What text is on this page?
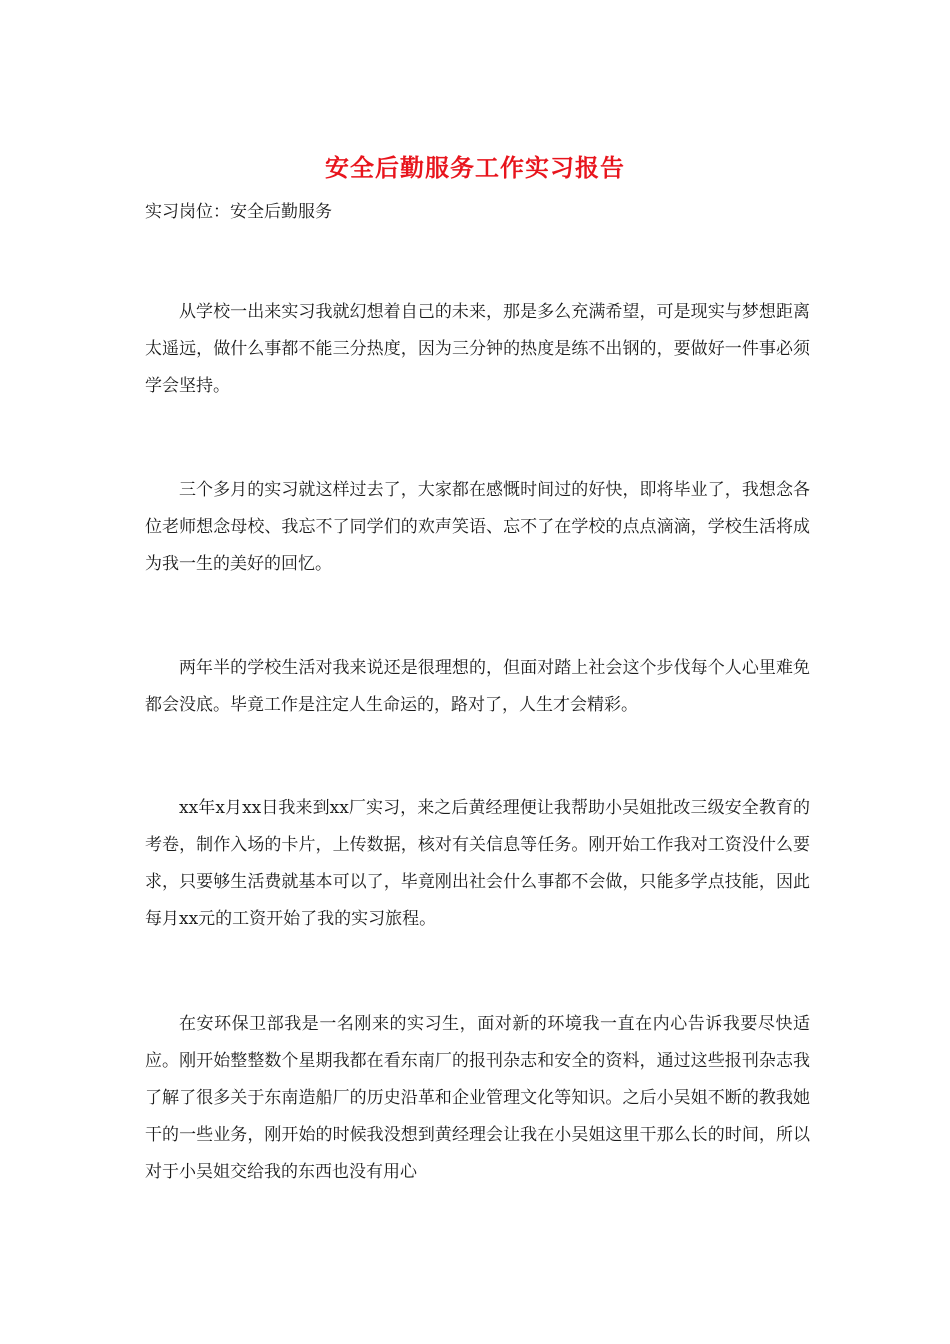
安全后勤服务工作实习报告
实习岗位：安全后勤服务

从学校一出来实习我就幻想着自己的未来，那是多么充满希望，可是现实与梦想距离太遥远，做什么事都不能三分热度，因为三分钟的热度是练不出钢的，要做好一件事必须学会坚持。

三个多月的实习就这样过去了，大家都在感慨时间过的好快，即将毕业了，我想念各位老师想念母校、我忘不了同学们的欢声笑语、忘不了在学校的点点滴滴，学校生活将成为我一生的美好的回忆。

两年半的学校生活对我来说还是很理想的，但面对踏上社会这个步伐每个人心里难免都会没底。毕竟工作是注定人生命运的，路对了，人生才会精彩。

xx年x月xx日我来到xx厂实习，来之后黄经理便让我帮助小吴姐批改三级安全教育的考卷，制作入场的卡片，上传数据，核对有关信息等任务。刚开始工作我对工资没什么要求，只要够生活费就基本可以了，毕竟刚出社会什么事都不会做，只能多学点技能，因此每月xx元的工资开始了我的实习旅程。

在安环保卫部我是一名刚来的实习生，面对新的环境我一直在内心告诉我要尽快适应。刚开始整整数个星期我都在看东南厂的报刊杂志和安全的资料，通过这些报刊杂志我了解了很多关于东南造船厂的历史沿革和企业管理文化等知识。之后小吴姐不断的教我她干的一些业务，刚开始的时候我没想到黄经理会让我在小吴姐这里干那么长的时间，所以对于小吴姐交给我的东西也没有用心
